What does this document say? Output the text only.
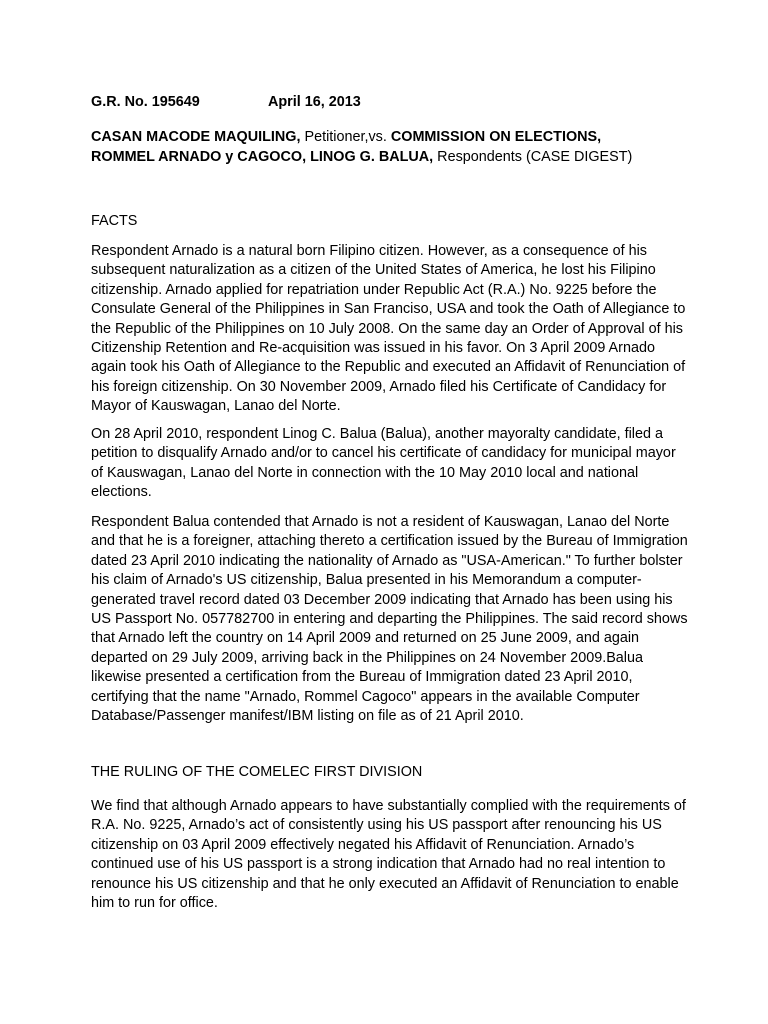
G.R. No. 195649	April 16, 2013
CASAN MACODE MAQUILING, Petitioner,vs. COMMISSION ON ELECTIONS,
ROMMEL ARNADO y CAGOCO, LINOG G. BALUA, Respondents (CASE DIGEST)
FACTS
Respondent Arnado is a natural born Filipino citizen. However, as a consequence of his subsequent naturalization as a citizen of the United States of America, he lost his Filipino citizenship. Arnado applied for repatriation under Republic Act (R.A.) No. 9225 before the Consulate General of the Philippines in San Franciso, USA and took the Oath of Allegiance to the Republic of the Philippines on 10 July 2008. On the same day an Order of Approval of his Citizenship Retention and Re-acquisition was issued in his favor. On 3 April 2009 Arnado again took his Oath of Allegiance to the Republic and executed an Affidavit of Renunciation of his foreign citizenship. On 30 November 2009, Arnado filed his Certificate of Candidacy for Mayor of Kauswagan, Lanao del Norte.
On 28 April 2010, respondent Linog C. Balua (Balua), another mayoralty candidate, filed a petition to disqualify Arnado and/or to cancel his certificate of candidacy for municipal mayor of Kauswagan, Lanao del Norte in connection with the 10 May 2010 local and national elections.
Respondent Balua contended that Arnado is not a resident of Kauswagan, Lanao del Norte and that he is a foreigner, attaching thereto a certification issued by the Bureau of Immigration dated 23 April 2010 indicating the nationality of Arnado as "USA-American." To further bolster his claim of Arnado's US citizenship, Balua presented in his Memorandum a computer-generated travel record dated 03 December 2009 indicating that Arnado has been using his US Passport No. 057782700 in entering and departing the Philippines. The said record shows that Arnado left the country on 14 April 2009 and returned on 25 June 2009, and again departed on 29 July 2009, arriving back in the Philippines on 24 November 2009.Balua likewise presented a certification from the Bureau of Immigration dated 23 April 2010, certifying that the name "Arnado, Rommel Cagoco" appears in the available Computer Database/Passenger manifest/IBM listing on file as of 21 April 2010.
THE RULING OF THE COMELEC FIRST DIVISION
We find that although Arnado appears to have substantially complied with the requirements of R.A. No. 9225, Arnado’s act of consistently using his US passport after renouncing his US citizenship on 03 April 2009 effectively negated his Affidavit of Renunciation. Arnado’s continued use of his US passport is a strong indication that Arnado had no real intention to renounce his US citizenship and that he only executed an Affidavit of Renunciation to enable him to run for office.
